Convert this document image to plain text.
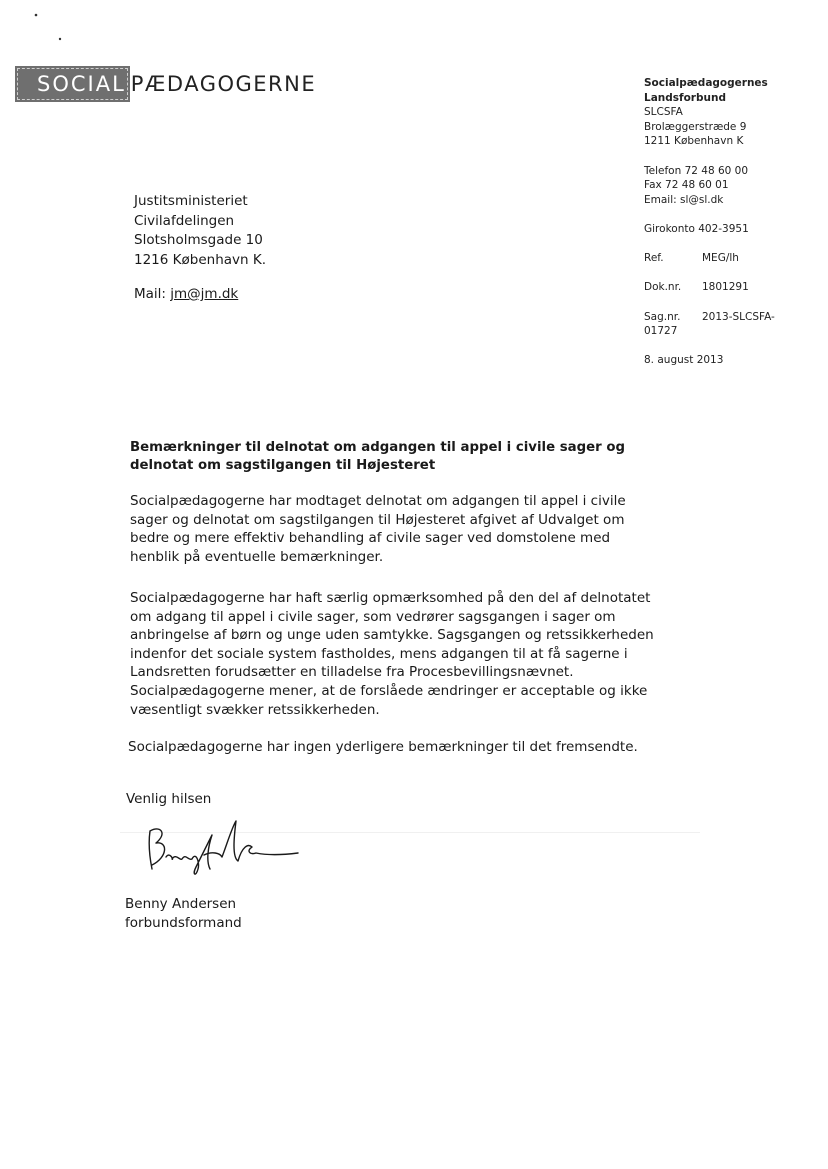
SOCIAL PÆDAGOGERNE	Socialpædagogernes
Landsforbund
SLCSFA
Brolæggerstræde 9
1211 København K
Telefon 72 48 60 00
Fax 72 48 60 01
Email: sl@sl.dk
Girokonto 402-3951
Ref.	MEG/lh
Dok.nr.	1801291
Sag.nr.	2013-SLCSFA-
01727
8. august 2013
Justitsministeriet
Civilafdelingen
Slotsholmsgade 10
1216 København K.
Mail: jm@jm.dk
Bemærkninger til delnotat om adgangen til appel i civile sager og delnotat om sagstilgangen til Højesteret
Socialpædagogerne har modtaget delnotat om adgangen til appel i civile sager og delnotat om sagstilgangen til Højesteret afgivet af Udvalget om bedre og mere effektiv behandling af civile sager ved domstolene med henblik på eventuelle bemærkninger.
Socialpædagogerne har haft særlig opmærksomhed på den del af delnotatet om adgang til appel i civile sager, som vedrører sagsgangen i sager om anbringelse af børn og unge uden samtykke. Sagsgangen og retssikkerheden indenfor det sociale system fastholdes, mens adgangen til at få sagerne i Landsretten forudsætter en tilladelse fra Procesbevillingsnævnet. Socialpædagogerne mener, at de forslåede ændringer er acceptable og ikke væsentligt svækker retssikkerheden.
Socialpædagogerne har ingen yderligere bemærkninger til det fremsendte.
Venlig hilsen
Benny Andersen
forbundsformand
